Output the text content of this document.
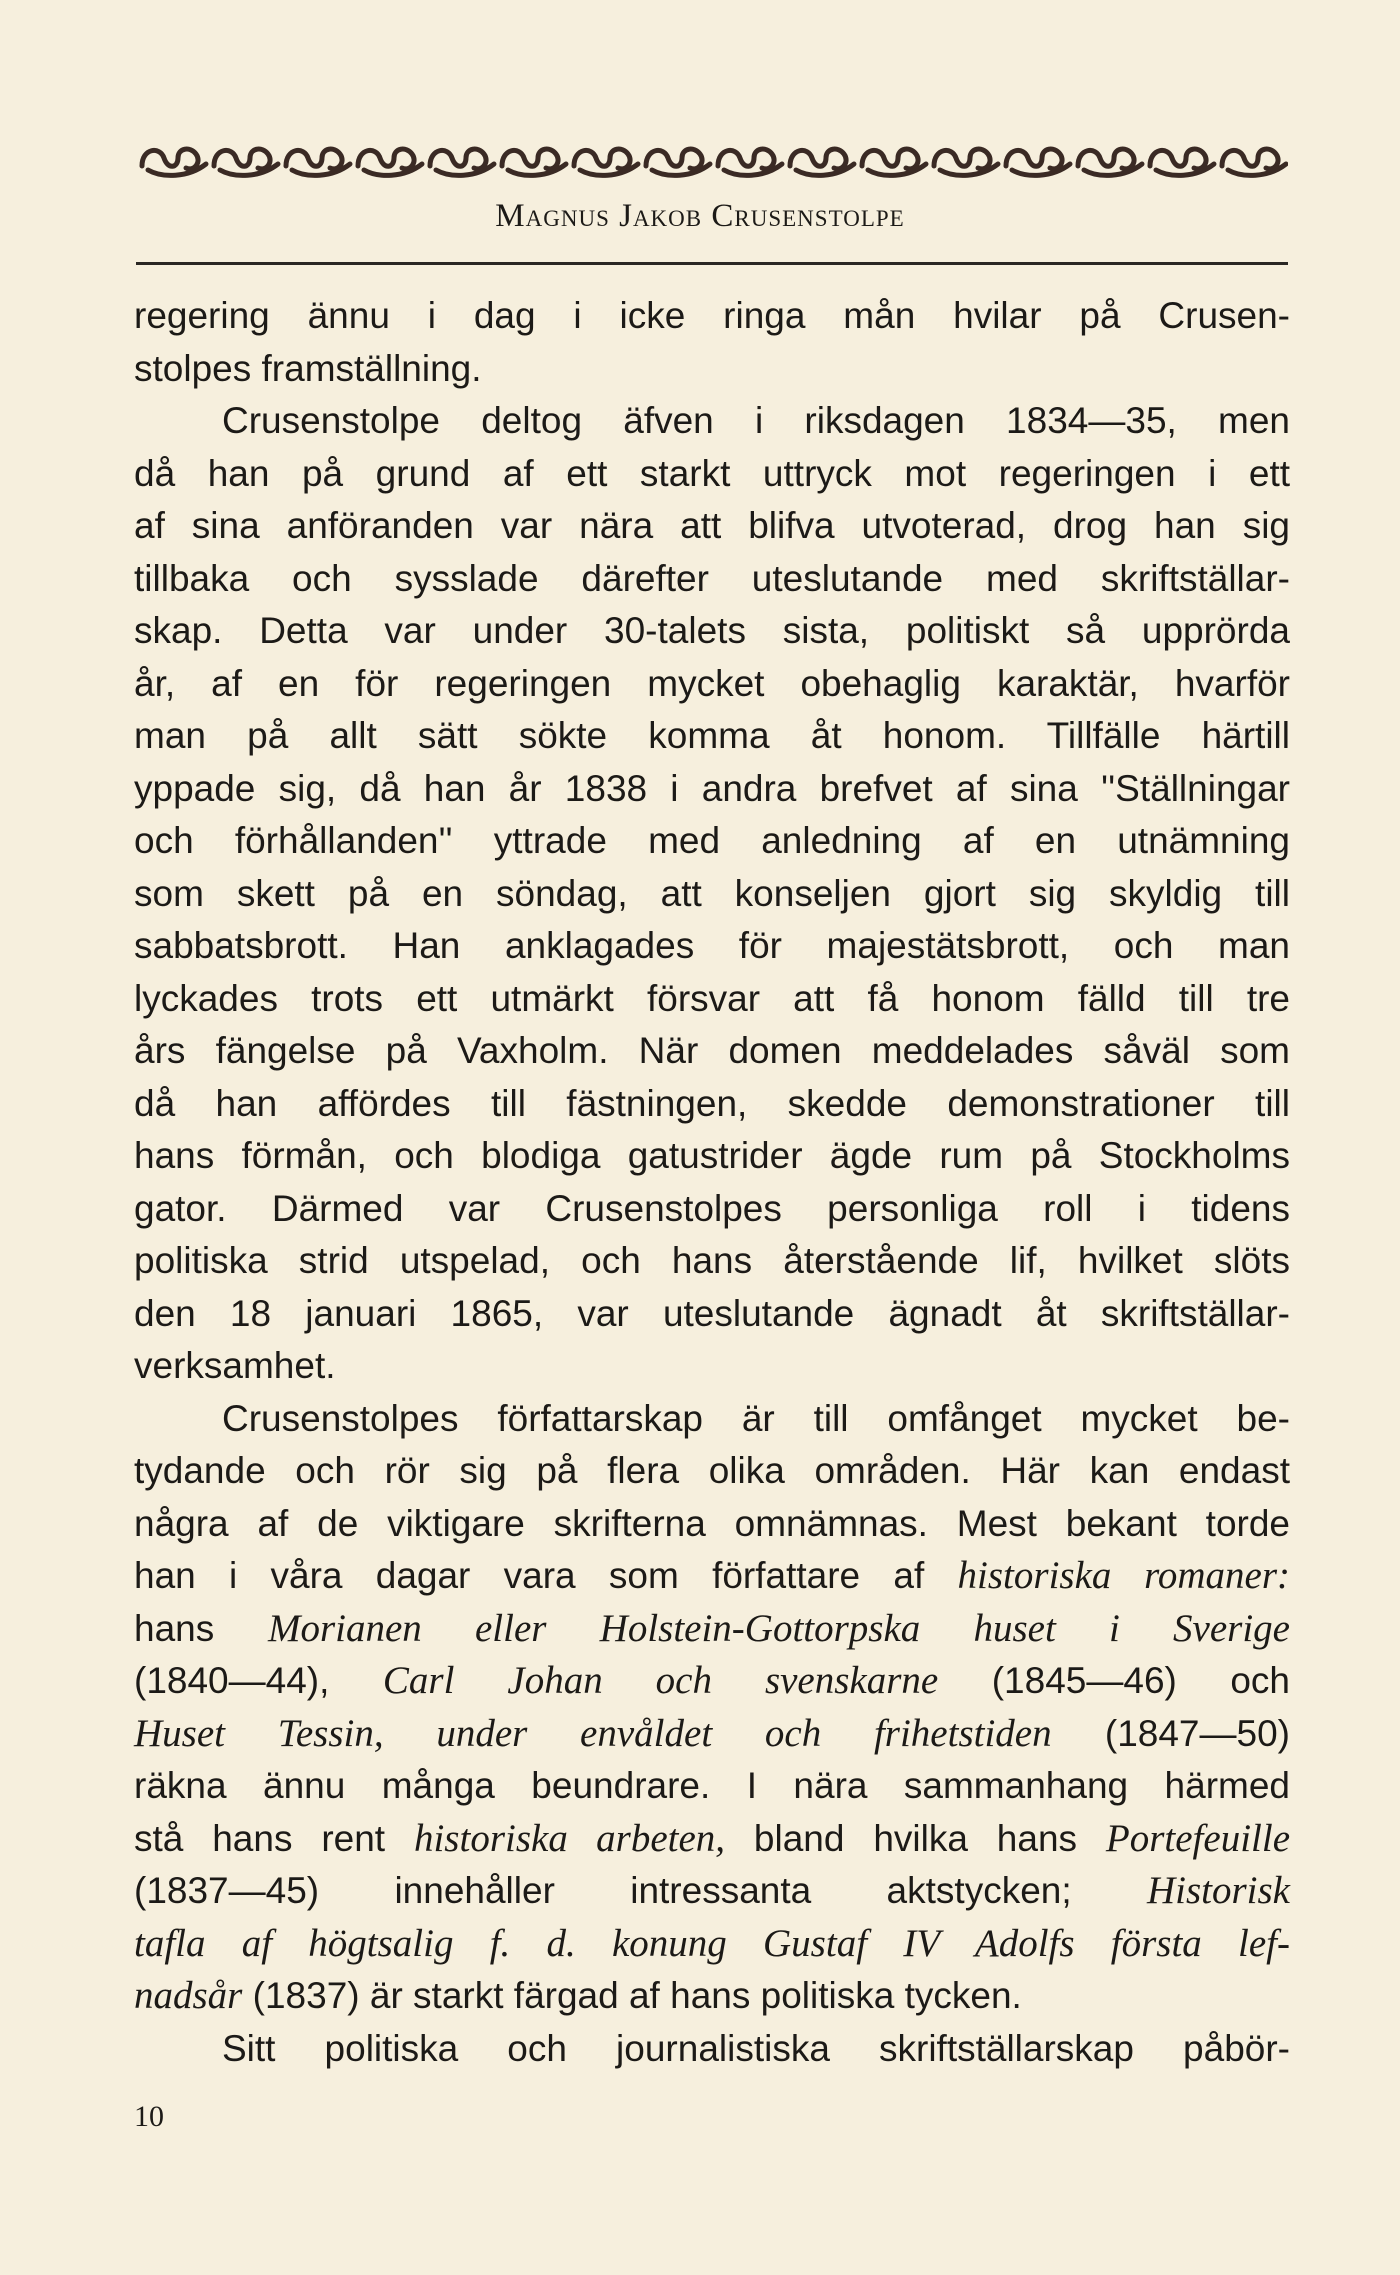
Magnus Jakob Crusenstolpe
regering ännu i dag i icke ringa mån hvilar på Crusen-
stolpes framställning.
Crusenstolpe deltog äfven i riksdagen 1834—35, men
då han på grund af ett starkt uttryck mot regeringen i ett
af sina anföranden var nära att blifva utvoterad, drog han sig
tillbaka och sysslade därefter uteslutande med skriftställar-
skap. Detta var under 30-talets sista, politiskt så upprörda
år, af en för regeringen mycket obehaglig karaktär, hvarför
man på allt sätt sökte komma åt honom. Tillfälle härtill
yppade sig, då han år 1838 i andra brefvet af sina ''Ställningar
och förhållanden'' yttrade med anledning af en utnämning
som skett på en söndag, att konseljen gjort sig skyldig till
sabbatsbrott. Han anklagades för majestätsbrott, och man
lyckades trots ett utmärkt försvar att få honom fälld till tre
års fängelse på Vaxholm. När domen meddelades såväl som
då han affördes till fästningen, skedde demonstrationer till
hans förmån, och blodiga gatustrider ägde rum på Stockholms
gator. Därmed var Crusenstolpes personliga roll i tidens
politiska strid utspelad, och hans återstående lif, hvilket slöts
den 18 januari 1865, var uteslutande ägnadt åt skriftställar-
verksamhet.
Crusenstolpes författarskap är till omfånget mycket be-
tydande och rör sig på flera olika områden. Här kan endast
några af de viktigare skrifterna omnämnas. Mest bekant torde
han i våra dagar vara som författare af historiska romaner:
hans Morianen eller Holstein-Gottorpska huset i Sverige
(1840—44), Carl Johan och svenskarne (1845—46) och
Huset Tessin, under envåldet och frihetstiden (1847—50)
räkna ännu många beundrare. I nära sammanhang härmed
stå hans rent historiska arbeten, bland hvilka hans Portefeuille
(1837—45) innehåller intressanta aktstycken; Historisk
tafla af högtsalig f. d. konung Gustaf IV Adolfs första lef-
nadsår (1837) är starkt färgad af hans politiska tycken.
Sitt politiska och journalistiska skriftställarskap påbör-
10
